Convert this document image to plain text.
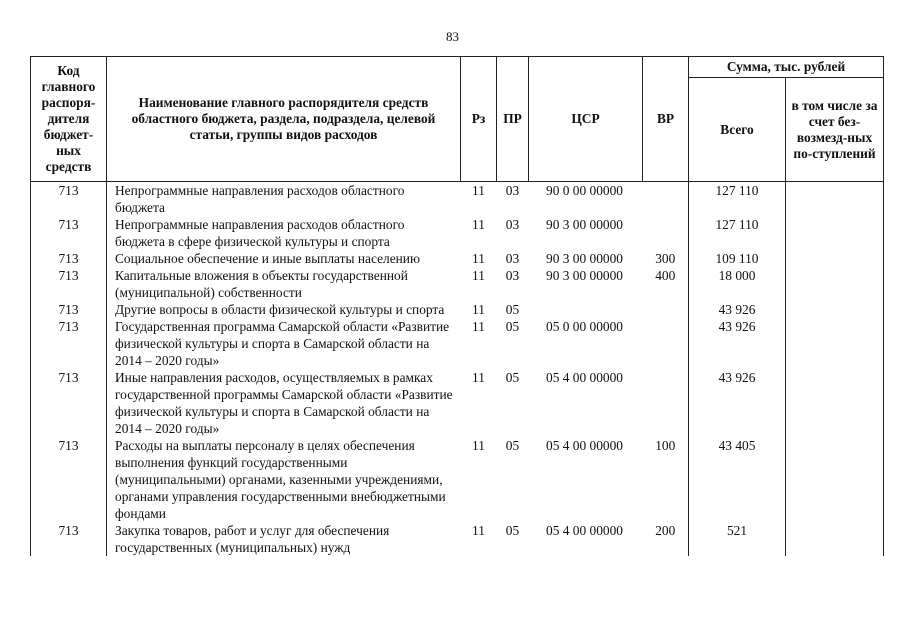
83
Код главного распоря-дителя бюджет-ных средств	Наименование главного распорядителя средств областного бюджета, раздела, подраздела, целевой статьи, группы видов расходов	Рз	ПР	ЦСР	ВР	Сумма, тыс. рублей	
						Всего	в том числе за счет без-возмезд-ных по-ступлений
713	Непрограммные направления расходов областного бюджета	11	03	90 0 00 00000		127 110	
713	Непрограммные направления расходов областного бюджета в сфере физической культуры и спорта	11	03	90 3 00 00000		127 110	
713	Социальное обеспечение и иные выплаты населению	11	03	90 3 00 00000	300	109 110	
713	Капитальные вложения в объекты государственной (муниципальной) собственности	11	03	90 3 00 00000	400	18 000	
713	Другие вопросы в области физической культуры и спорта	11	05			43 926	
713	Государственная программа Самарской области «Развитие физической культуры и спорта в Самарской области на 2014 – 2020 годы»	11	05	05 0 00 00000		43 926	
713	Иные направления расходов, осуществляемых в рамках государственной программы Самарской области «Развитие физической культуры и спорта в Самарской области на 2014 – 2020 годы»	11	05	05 4 00 00000		43 926	
713	Расходы на выплаты персоналу в целях обеспечения выполнения функций государственными (муниципальными) органами, казенными учреждениями, органами управления государственными внебюджетными фондами	11	05	05 4 00 00000	100	43 405	
713	Закупка товаров, работ и услуг для обеспечения государственных (муниципальных) нужд	11	05	05 4 00 00000	200	521	
